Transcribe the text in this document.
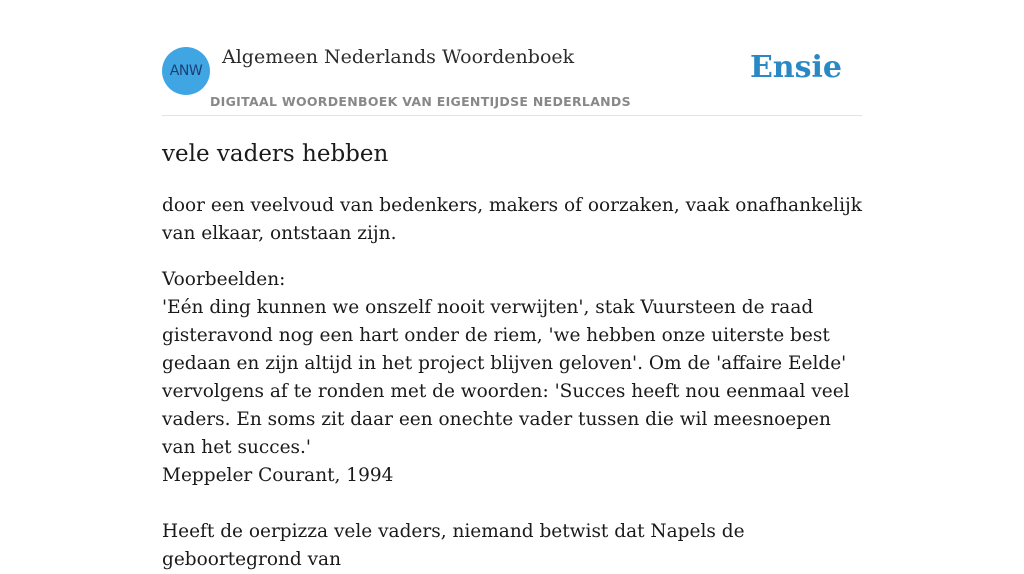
ANW
Algemeen Nederlands Woordenboek
DIGITAAL WOORDENBOEK VAN EIGENTIJDSE NEDERLANDS
Ensie
vele vaders hebben

door een veelvoud van bedenkers, makers of oorzaken, vaak onafhankelijk van elkaar, ontstaan zijn.

Voorbeelden:

'Eén ding kunnen we onszelf nooit verwijten', stak Vuursteen de raad gisteravond nog een hart onder de riem, 'we hebben onze uiterste best gedaan en zijn altijd in het project blijven geloven'. Om de 'affaire Eelde' vervolgens af te ronden met de woorden: 'Succes heeft nou eenmaal veel vaders. En soms zit daar een onechte vader tussen die wil meesnoepen van het succes.'

Meppeler Courant, 1994

Heeft de oerpizza vele vaders, niemand betwist dat Napels de geboortegrond van
